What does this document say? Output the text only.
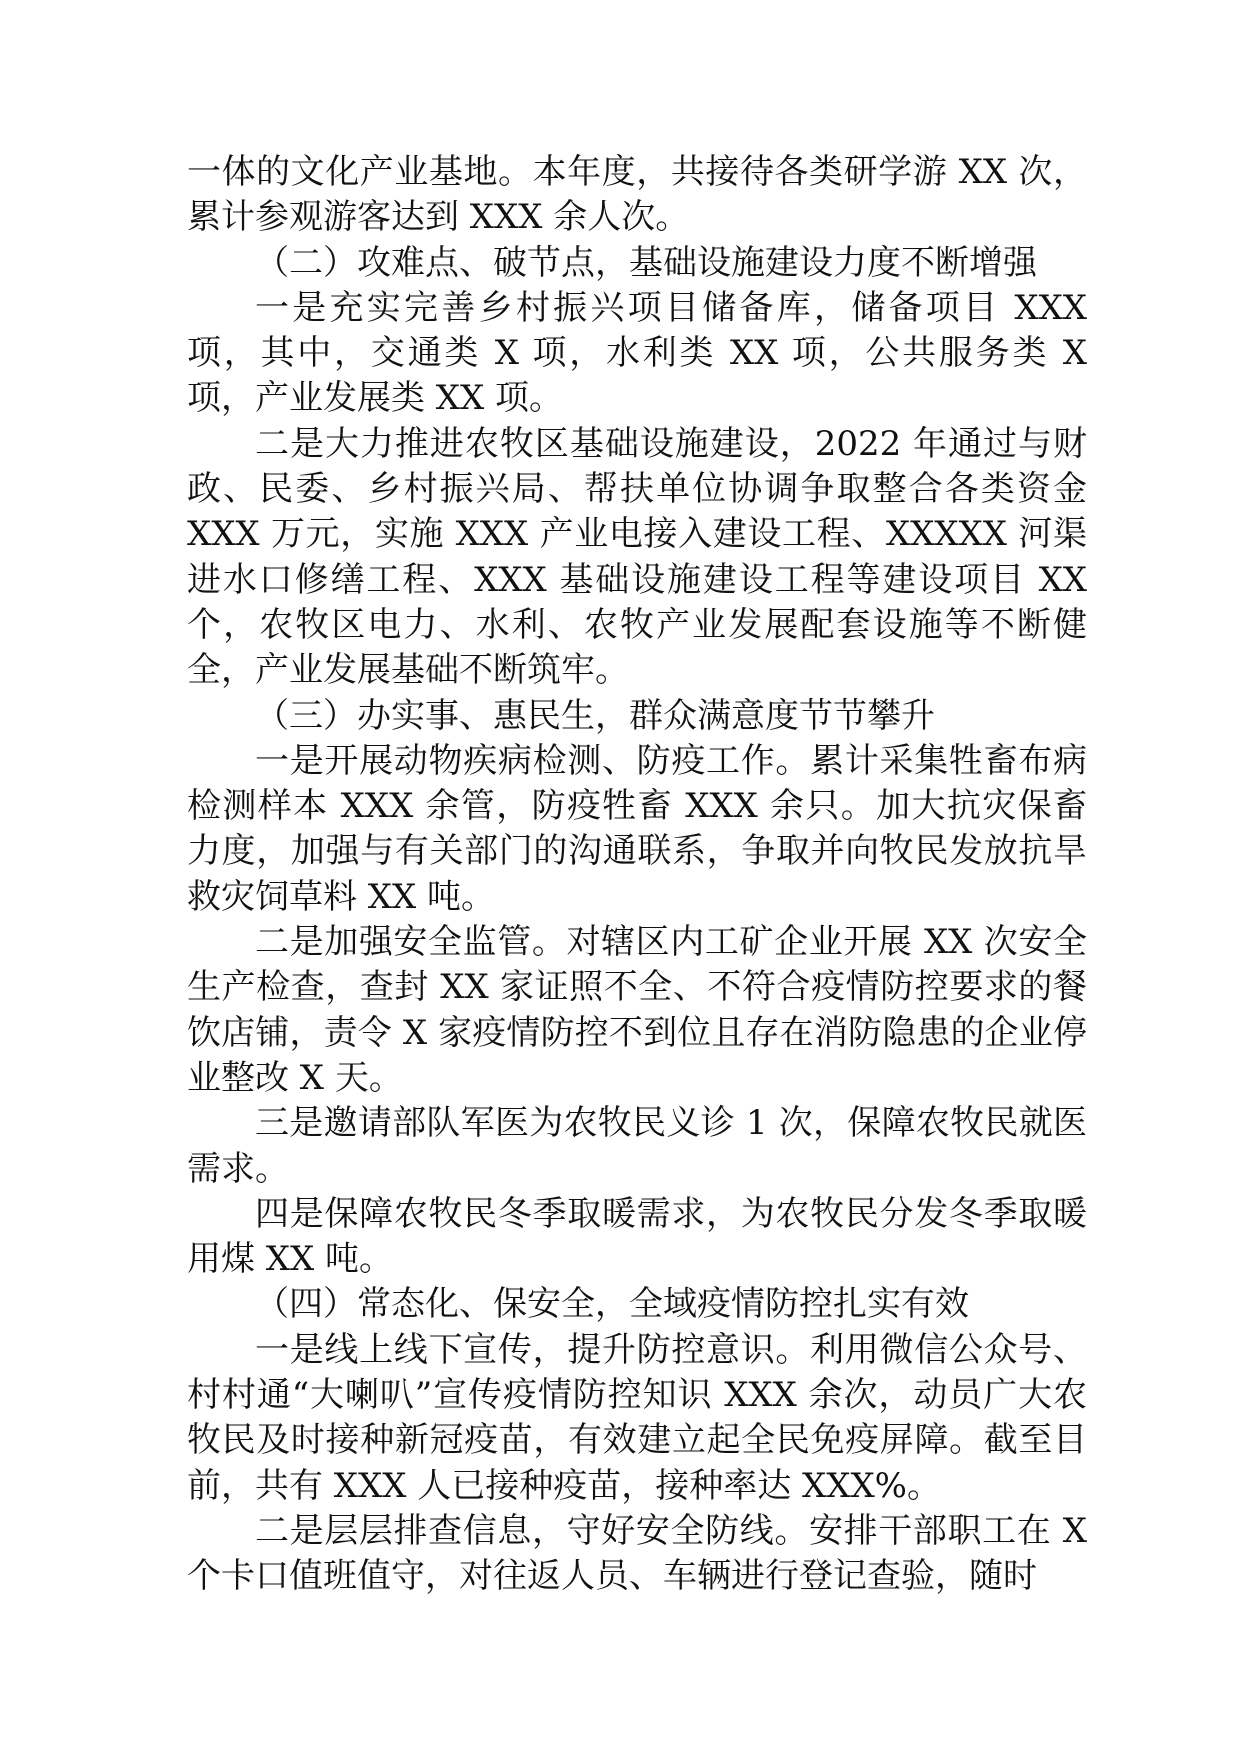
一体的文化产业基地。本年度，共接待各类研学游 XX 次，累计参观游客达到 XXX 余人次。

（二）攻难点、破节点，基础设施建设力度不断增强

一是充实完善乡村振兴项目储备库，储备项目 XXX 项，其中，交通类 X 项，水利类 XX 项，公共服务类 X 项，产业发展类 XX 项。

二是大力推进农牧区基础设施建设，2022 年通过与财政、民委、乡村振兴局、帮扶单位协调争取整合各类资金 XXX 万元，实施 XXX 产业电接入建设工程、XXXXX 河渠进水口修缮工程、XXX 基础设施建设工程等建设项目 XX 个，农牧区电力、水利、农牧产业发展配套设施等不断健全，产业发展基础不断筑牢。

（三）办实事、惠民生，群众满意度节节攀升

一是开展动物疾病检测、防疫工作。累计采集牲畜布病检测样本 XXX 余管，防疫牲畜 XXX 余只。加大抗灾保畜力度，加强与有关部门的沟通联系，争取并向牧民发放抗旱救灾饲草料 XX 吨。

二是加强安全监管。对辖区内工矿企业开展 XX 次安全生产检查，查封 XX 家证照不全、不符合疫情防控要求的餐饮店铺，责令 X 家疫情防控不到位且存在消防隐患的企业停业整改 X 天。

三是邀请部队军医为农牧民义诊 1 次，保障农牧民就医需求。

四是保障农牧民冬季取暖需求，为农牧民分发冬季取暖用煤 XX 吨。

（四）常态化、保安全，全域疫情防控扎实有效

一是线上线下宣传，提升防控意识。利用微信公众号、村村通“大喇叭”宣传疫情防控知识 XXX 余次，动员广大农牧民及时接种新冠疫苗，有效建立起全民免疫屏障。截至目前，共有 XXX 人已接种疫苗，接种率达 XXX%。

二是层层排查信息，守好安全防线。安排干部职工在 X 个卡口值班值守，对往返人员、车辆进行登记查验，随时
